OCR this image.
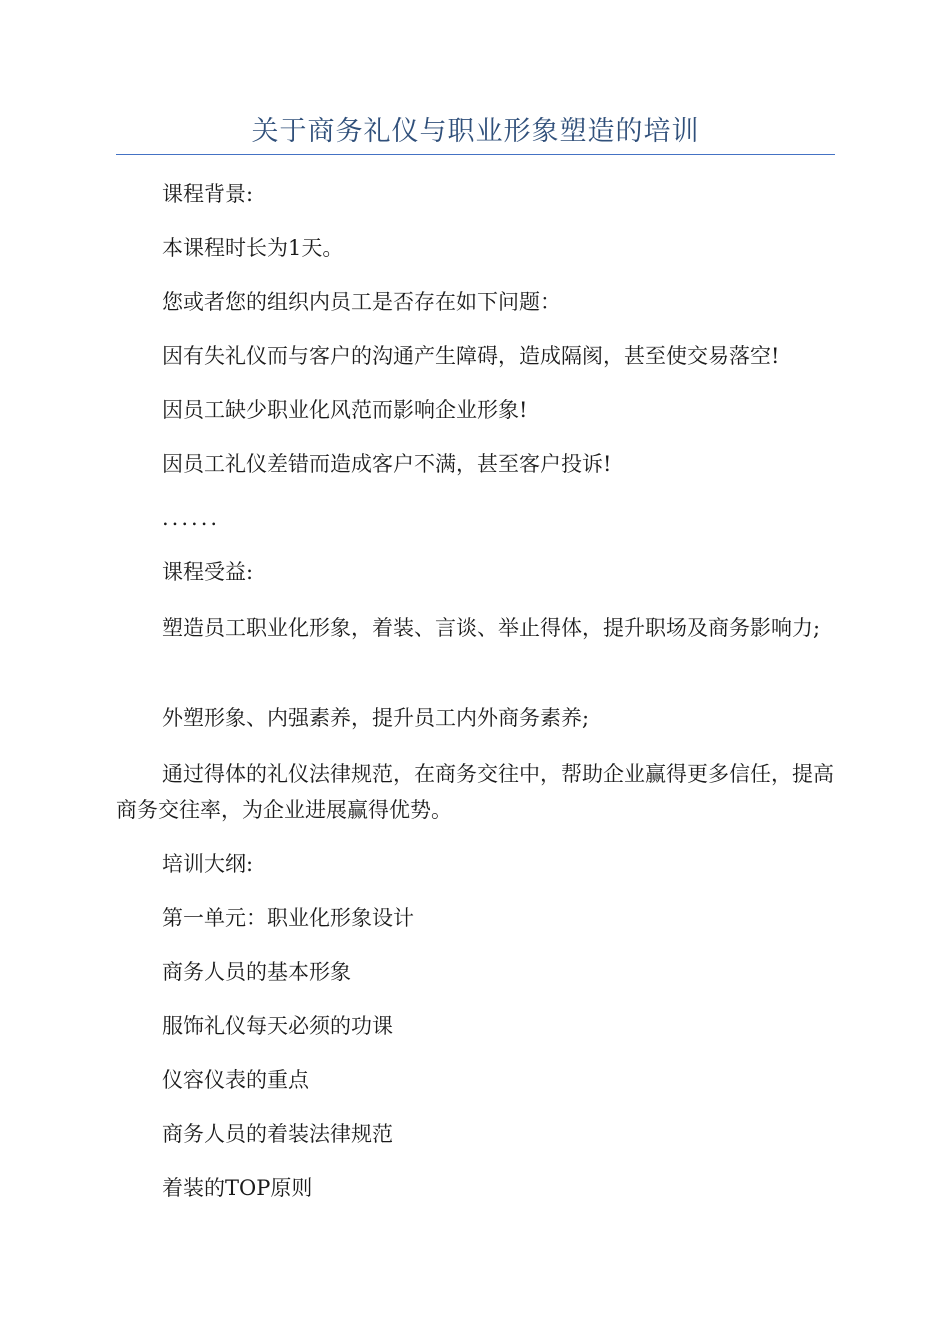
关于商务礼仪与职业形象塑造的培训

课程背景:

本课程时长为1天。

您或者您的组织内员工是否存在如下问题：

因有失礼仪而与客户的沟通产生障碍，造成隔阂，甚至使交易落空!

因员工缺少职业化风范而影响企业形象!

因员工礼仪差错而造成客户不满，甚至客户投诉!

......

课程受益:

塑造员工职业化形象，着装、言谈、举止得体，提升职场及商务影响力;

外塑形象、内强素养，提升员工内外商务素养;

通过得体的礼仪法律规范，在商务交往中，帮助企业赢得更多信任，提高商务交往率，为企业进展赢得优势。

培训大纲:

第一单元：职业化形象设计

商务人员的基本形象

服饰礼仪每天必须的功课

仪容仪表的重点

商务人员的着装法律规范

着装的TOP原则
